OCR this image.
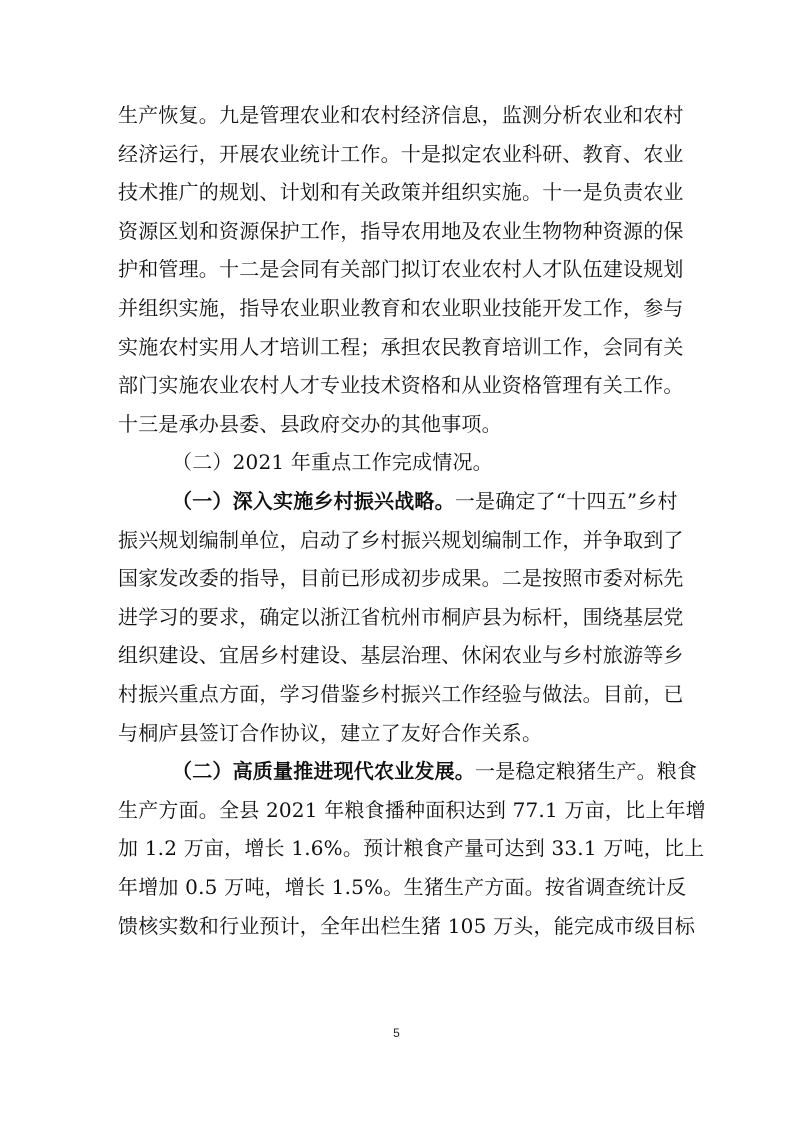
生产恢复。九是管理农业和农村经济信息，监测分析农业和农村
经济运行，开展农业统计工作。十是拟定农业科研、教育、农业
技术推广的规划、计划和有关政策并组织实施。十一是负责农业
资源区划和资源保护工作，指导农用地及农业生物物种资源的保
护和管理。十二是会同有关部门拟订农业农村人才队伍建设规划
并组织实施，指导农业职业教育和农业职业技能开发工作，参与
实施农村实用人才培训工程；承担农民教育培训工作，会同有关
部门实施农业农村人才专业技术资格和从业资格管理有关工作。
十三是承办县委、县政府交办的其他事项。
（二）2021 年重点工作完成情况。
（一）深入实施乡村振兴战略。一是确定了“十四五”乡村
振兴规划编制单位，启动了乡村振兴规划编制工作，并争取到了
国家发改委的指导，目前已形成初步成果。二是按照市委对标先
进学习的要求，确定以浙江省杭州市桐庐县为标杆，围绕基层党
组织建设、宜居乡村建设、基层治理、休闲农业与乡村旅游等乡
村振兴重点方面，学习借鉴乡村振兴工作经验与做法。目前，已
与桐庐县签订合作协议，建立了友好合作关系。
（二）高质量推进现代农业发展。一是稳定粮猪生产。粮食
生产方面。全县 2021 年粮食播种面积达到 77.1 万亩，比上年增
加 1.2 万亩，增长 1.6%。预计粮食产量可达到 33.1 万吨，比上
年增加 0.5 万吨，增长 1.5%。生猪生产方面。按省调查统计反
馈核实数和行业预计，全年出栏生猪 105 万头，能完成市级目标
5
